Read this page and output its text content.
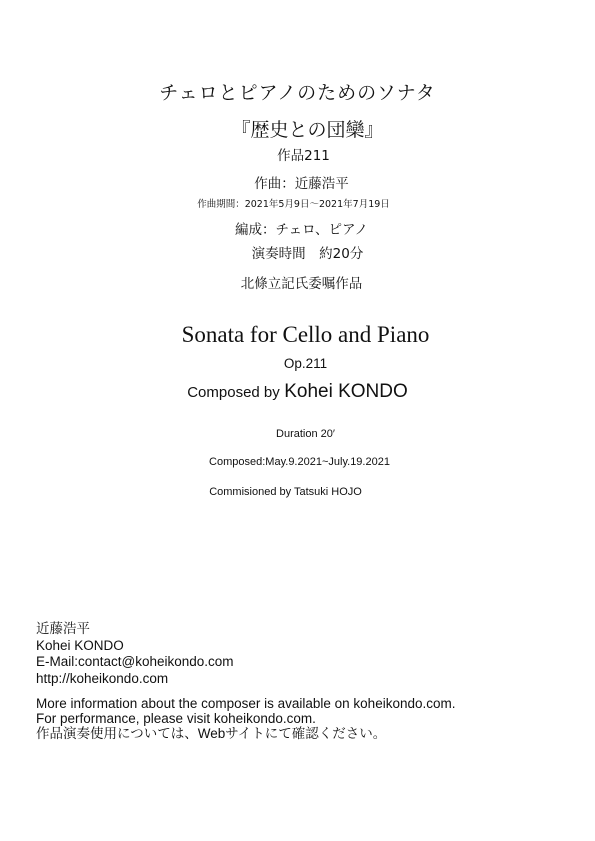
チェロとピアノのためのソナタ
『歴史との団欒』
作品211
作曲：近藤浩平
作曲期間：2021年5月9日〜2021年7月19日
編成：チェロ、ピアノ
演奏時間　約20分
北條立記氏委嘱作品
Sonata for Cello and Piano
Op.211
Composed by Kohei KONDO
Duration 20′
Composed:May.9.2021~July.19.2021
Commisioned by Tatsuki HOJO
近藤浩平
Kohei KONDO
E-Mail:contact@koheikondo.com
http://koheikondo.com
More information about the composer is available on koheikondo.com.
For performance, please visit koheikondo.com.
作品演奏使用については、Webサイトにて確認ください。
